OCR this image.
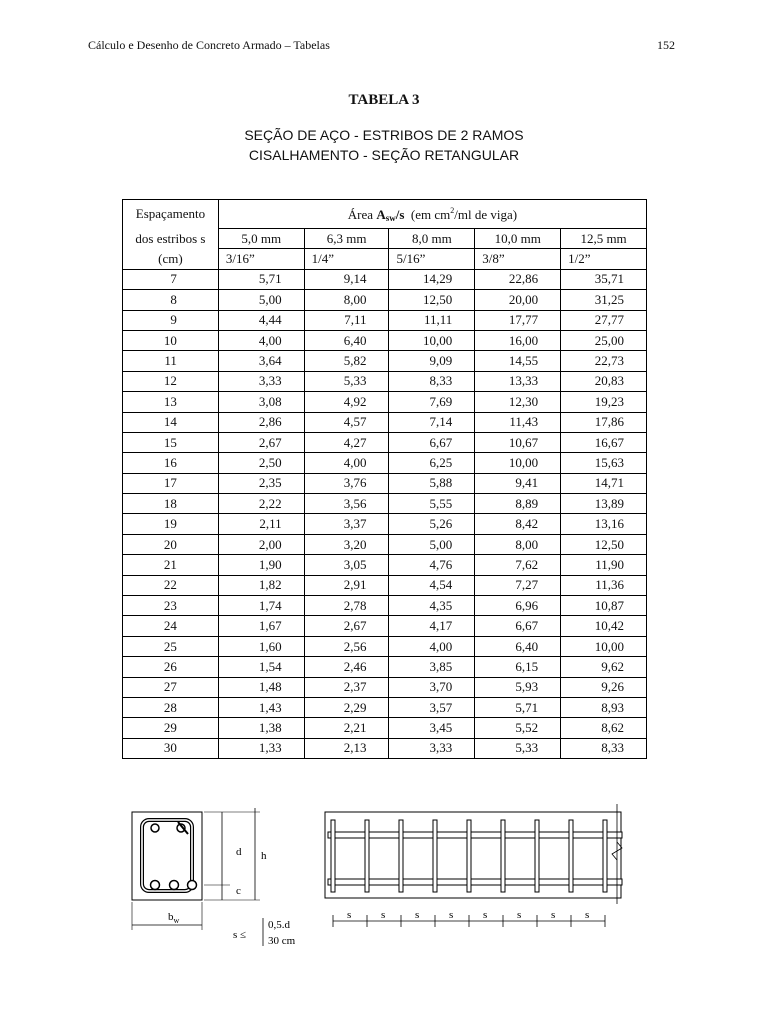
Cálculo e Desenho de Concreto Armado – Tabelas	152
TABELA 3
SEÇÃO DE AÇO - ESTRIBOS DE 2 RAMOS
CISALHAMENTO - SEÇÃO RETANGULAR
Espaçamento	Área $A_{sw}/s$  (em $cm^2/ml$ de viga)				
dos estribos s	5,0 mm	6,3 mm	8,0 mm	10,0 mm	12,5 mm
(cm)	3/16”	1/4”	5/16”	3/8”	1/2”
7	5,71	9,14	14,29	22,86	35,71
8	5,00	8,00	12,50	20,00	31,25
9	4,44	7,11	11,11	17,77	27,77
10	4,00	6,40	10,00	16,00	25,00
11	3,64	5,82	9,09	14,55	22,73
12	3,33	5,33	8,33	13,33	20,83
13	3,08	4,92	7,69	12,30	19,23
14	2,86	4,57	7,14	11,43	17,86
15	2,67	4,27	6,67	10,67	16,67
16	2,50	4,00	6,25	10,00	15,63
17	2,35	3,76	5,88	9,41	14,71
18	2,22	3,56	5,55	8,89	13,89
19	2,11	3,37	5,26	8,42	13,16
20	2,00	3,20	5,00	8,00	12,50
21	1,90	3,05	4,76	7,62	11,90
22	1,82	2,91	4,54	7,27	11,36
23	1,74	2,78	4,35	6,96	10,87
24	1,67	2,67	4,17	6,67	10,42
25	1,60	2,56	4,00	6,40	10,00
26	1,54	2,46	3,85	6,15	9,62
27	1,48	2,37	3,70	5,93	9,26
28	1,43	2,29	3,57	5,71	8,93
29	1,38	2,21	3,45	5,52	8,62
30	1,33	2,13	3,33	5,33	8,33
d h
c
$b_w$
s ≤
0,5.d
30 cm
s	s	s	s	s	s	s	s
